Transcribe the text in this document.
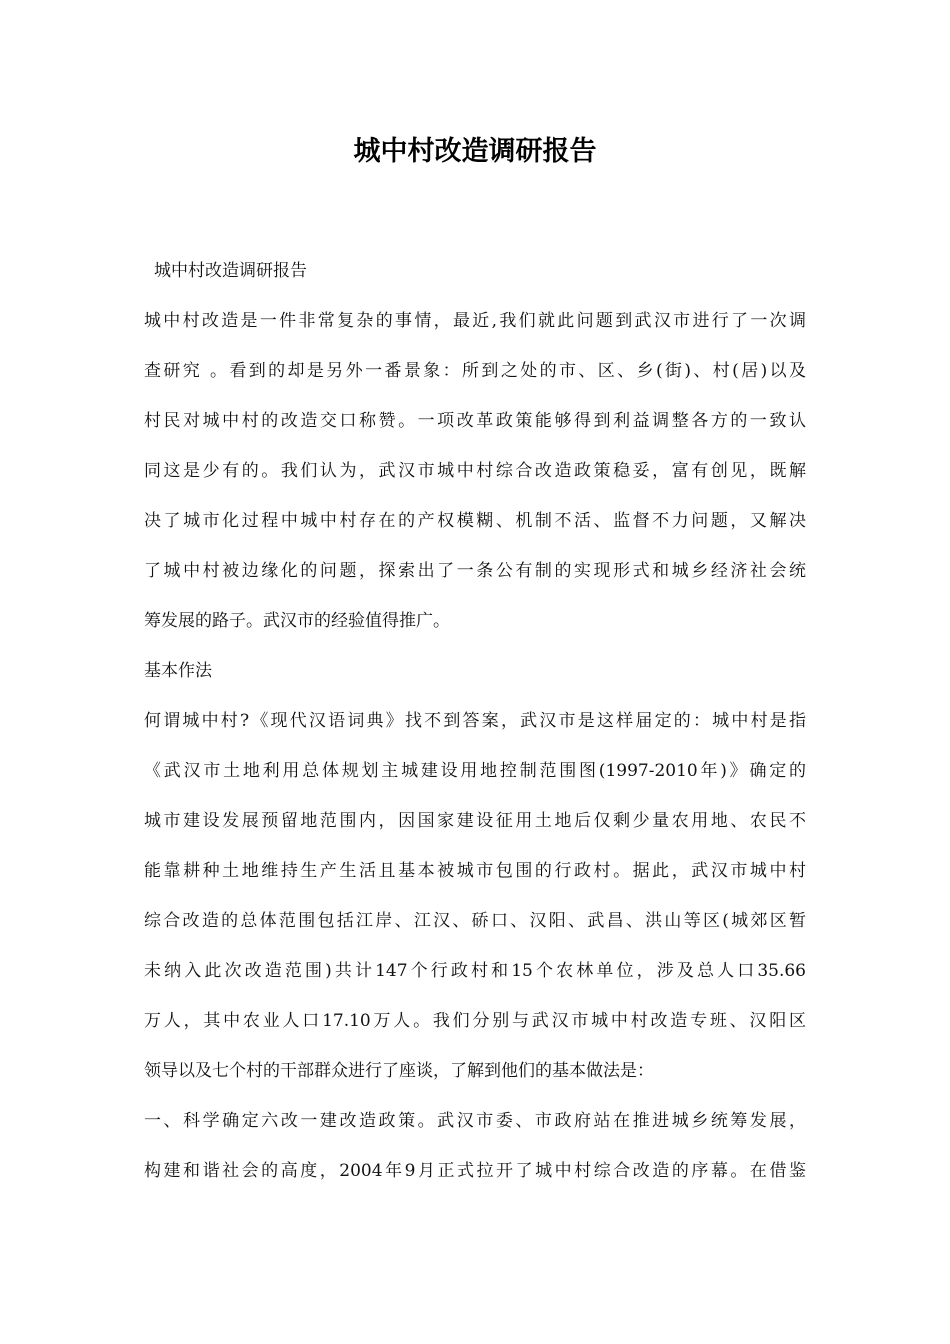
城中村改造调研报告
城中村改造调研报告
城中村改造是一件非常复杂的事情，最近,我们就此问题到武汉市进行了一次调
查研究 。看到的却是另外一番景象：所到之处的市、区、乡(街)、村(居)以及
村民对城中村的改造交口称赞。一项改革政策能够得到利益调整各方的一致认
同这是少有的。我们认为，武汉市城中村综合改造政策稳妥，富有创见，既解
决了城市化过程中城中村存在的产权模糊、机制不活、监督不力问题，又解决
了城中村被边缘化的问题，探索出了一条公有制的实现形式和城乡经济社会统
筹发展的路子。武汉市的经验值得推广。
基本作法
何谓城中村?《现代汉语词典》找不到答案，武汉市是这样届定的：城中村是指
《武汉市土地利用总体规划主城建设用地控制范围图(1997-2010年)》确定的
城市建设发展预留地范围内，因国家建设征用土地后仅剩少量农用地、农民不
能靠耕种土地维持生产生活且基本被城市包围的行政村。据此，武汉市城中村
综合改造的总体范围包括江岸、江汉、硚口、汉阳、武昌、洪山等区(城郊区暂
未纳入此次改造范围)共计147个行政村和15个农林单位，涉及总人口35.66
万人，其中农业人口17.10万人。我们分别与武汉市城中村改造专班、汉阳区
领导以及七个村的干部群众进行了座谈，了解到他们的基本做法是：
一、科学确定六改一建改造政策。武汉市委、市政府站在推进城乡统筹发展，
构建和谐社会的高度，2004年9月正式拉开了城中村综合改造的序幕。在借鉴
